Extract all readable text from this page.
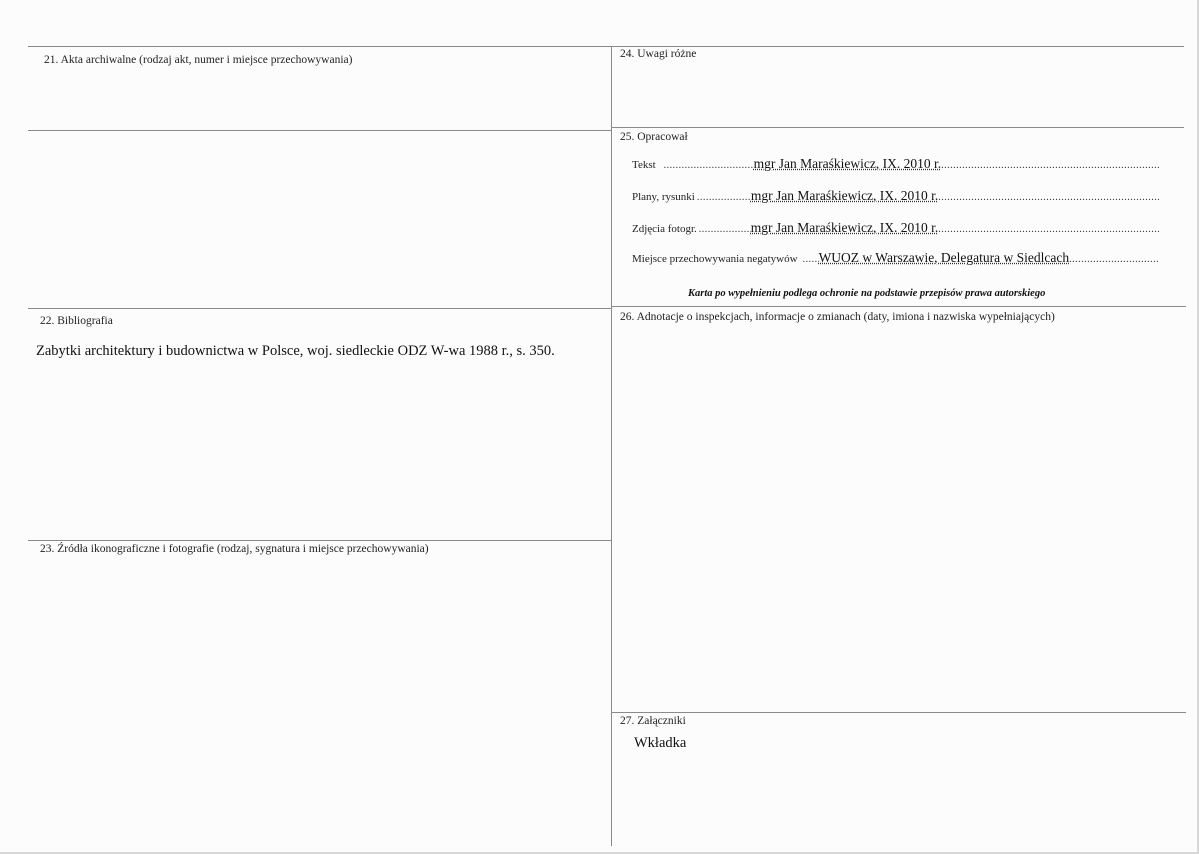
21. Akta archiwalne (rodzaj akt, numer i miejsce przechowywania)
22. Bibliografia
Zabytki architektury i budownictwa w Polsce, woj. siedleckie ODZ W-wa 1988 r., s. 350.
23. Źródła ikonograficzne i fotografie (rodzaj, sygnatura i miejsce przechowywania)
24. Uwagi różne
25. Opracował
Tekst .....	mgr Jan Maraśkiewicz, IX. 2010 r.
.....
Plany, rysunki .....	mgr Jan Maraśkiewicz, IX. 2010 r.
.....
Zdjęcia fotogr. .....	mgr Jan Maraśkiewicz, IX. 2010 r.
.....
Miejsce przechowywania negatywów ..... WUOZ w Warszawie, Delegatura w Siedlcach
.....
Karta po wypełnieniu podlega ochronie na podstawie przepisów prawa autorskiego
26. Adnotacje o inspekcjach, informacje o zmianach (daty, imiona i nazwiska wypełniających)
27. Załączniki
Wkładka
